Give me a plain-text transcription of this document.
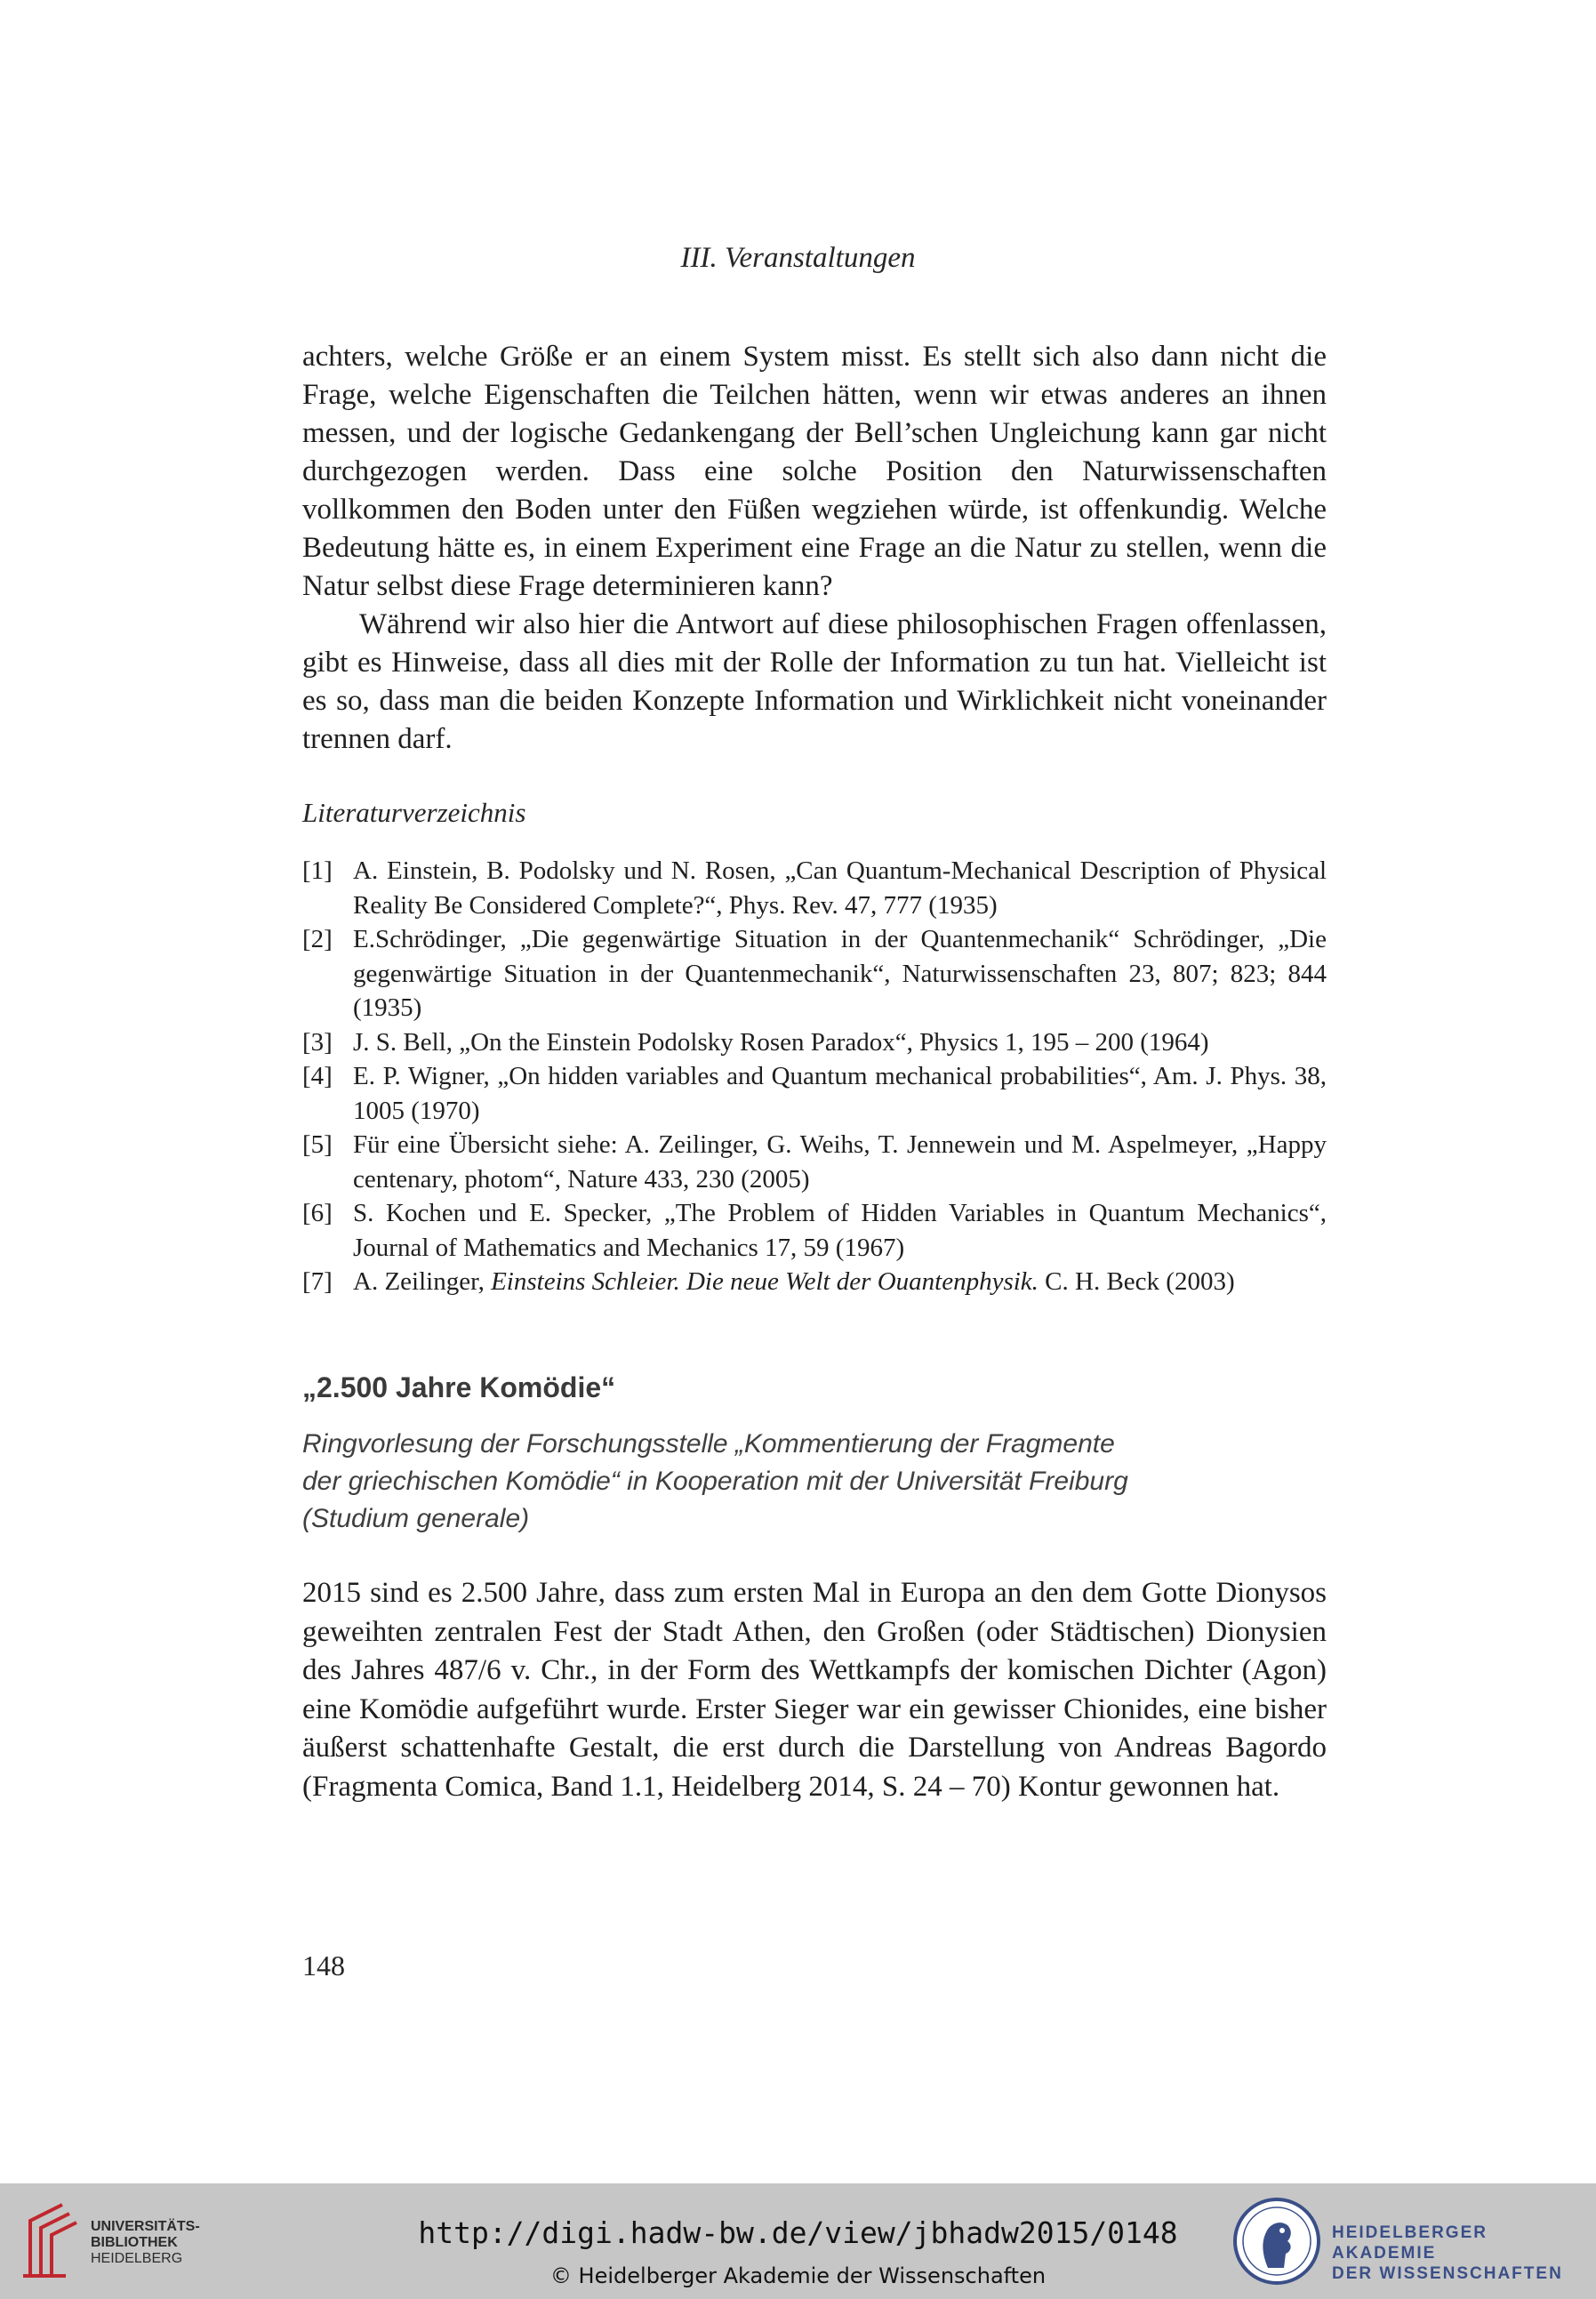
III. Veranstaltungen

achters, welche Größe er an einem System misst. Es stellt sich also dann nicht die Frage, welche Eigenschaften die Teilchen hätten, wenn wir etwas anderes an ihnen messen, und der logische Gedankengang der Bell’schen Ungleichung kann gar nicht durchgezogen werden. Dass eine solche Position den Naturwissenschaften vollkommen den Boden unter den Füßen wegziehen würde, ist offenkundig. Welche Bedeutung hätte es, in einem Experiment eine Frage an die Natur zu stellen, wenn die Natur selbst diese Frage determinieren kann?

Während wir also hier die Antwort auf diese philosophischen Fragen offenlassen, gibt es Hinweise, dass all dies mit der Rolle der Information zu tun hat. Vielleicht ist es so, dass man die beiden Konzepte Information und Wirklichkeit nicht voneinander trennen darf.

Literaturverzeichnis
[1] A. Einstein, B. Podolsky und N. Rosen, „Can Quantum-Mechanical Description of Physical Reality Be Considered Complete?“, Phys. Rev. 47, 777 (1935)
[2] E.Schrödinger, „Die gegenwärtige Situation in der Quantenmechanik“ Schrödinger, „Die gegenwärtige Situation in der Quantenmechanik“, Naturwissenschaften 23, 807; 823; 844 (1935)
[3] J. S. Bell, „On the Einstein Podolsky Rosen Paradox“, Physics 1, 195 – 200 (1964)
[4] E. P. Wigner, „On hidden variables and Quantum mechanical probabilities“, Am. J. Phys. 38, 1005 (1970)
[5] Für eine Übersicht siehe: A. Zeilinger, G. Weihs, T. Jennewein und M. Aspelmeyer, „Happy centenary, photom“, Nature 433, 230 (2005)
[6] S. Kochen und E. Specker, „The Problem of Hidden Variables in Quantum Mechanics“, Journal of Mathematics and Mechanics 17, 59 (1967)
[7] A. Zeilinger, Einsteins Schleier. Die neue Welt der Ouantenphysik. C. H. Beck (2003)
„2.500 Jahre Komödie“
Ringvorlesung der Forschungsstelle „Kommentierung der Fragmente
der griechischen Komödie“ in Kooperation mit der Universität Freiburg
(Studium generale)

2015 sind es 2.500 Jahre, dass zum ersten Mal in Europa an den dem Gotte Dionysos geweihten zentralen Fest der Stadt Athen, den Großen (oder Städtischen) Dionysien des Jahres 487/6 v. Chr., in der Form des Wettkampfs der komischen Dichter (Agon) eine Komödie aufgeführt wurde. Erster Sieger war ein gewisser Chionides, eine bisher äußerst schattenhafte Gestalt, die erst durch die Darstellung von Andreas Bagordo (Fragmenta Comica, Band 1.1, Heidelberg 2014, S. 24 – 70) Kontur gewonnen hat.

148
UNIVERSITÄTS-
BIBLIOTHEK
HEIDELBERG
http://digi.hadw-bw.de/view/jbhadw2015/0148
© Heidelberger Akademie der Wissenschaften
HEIDELBERGER AKADEMIE
DER WISSENSCHAFTEN
